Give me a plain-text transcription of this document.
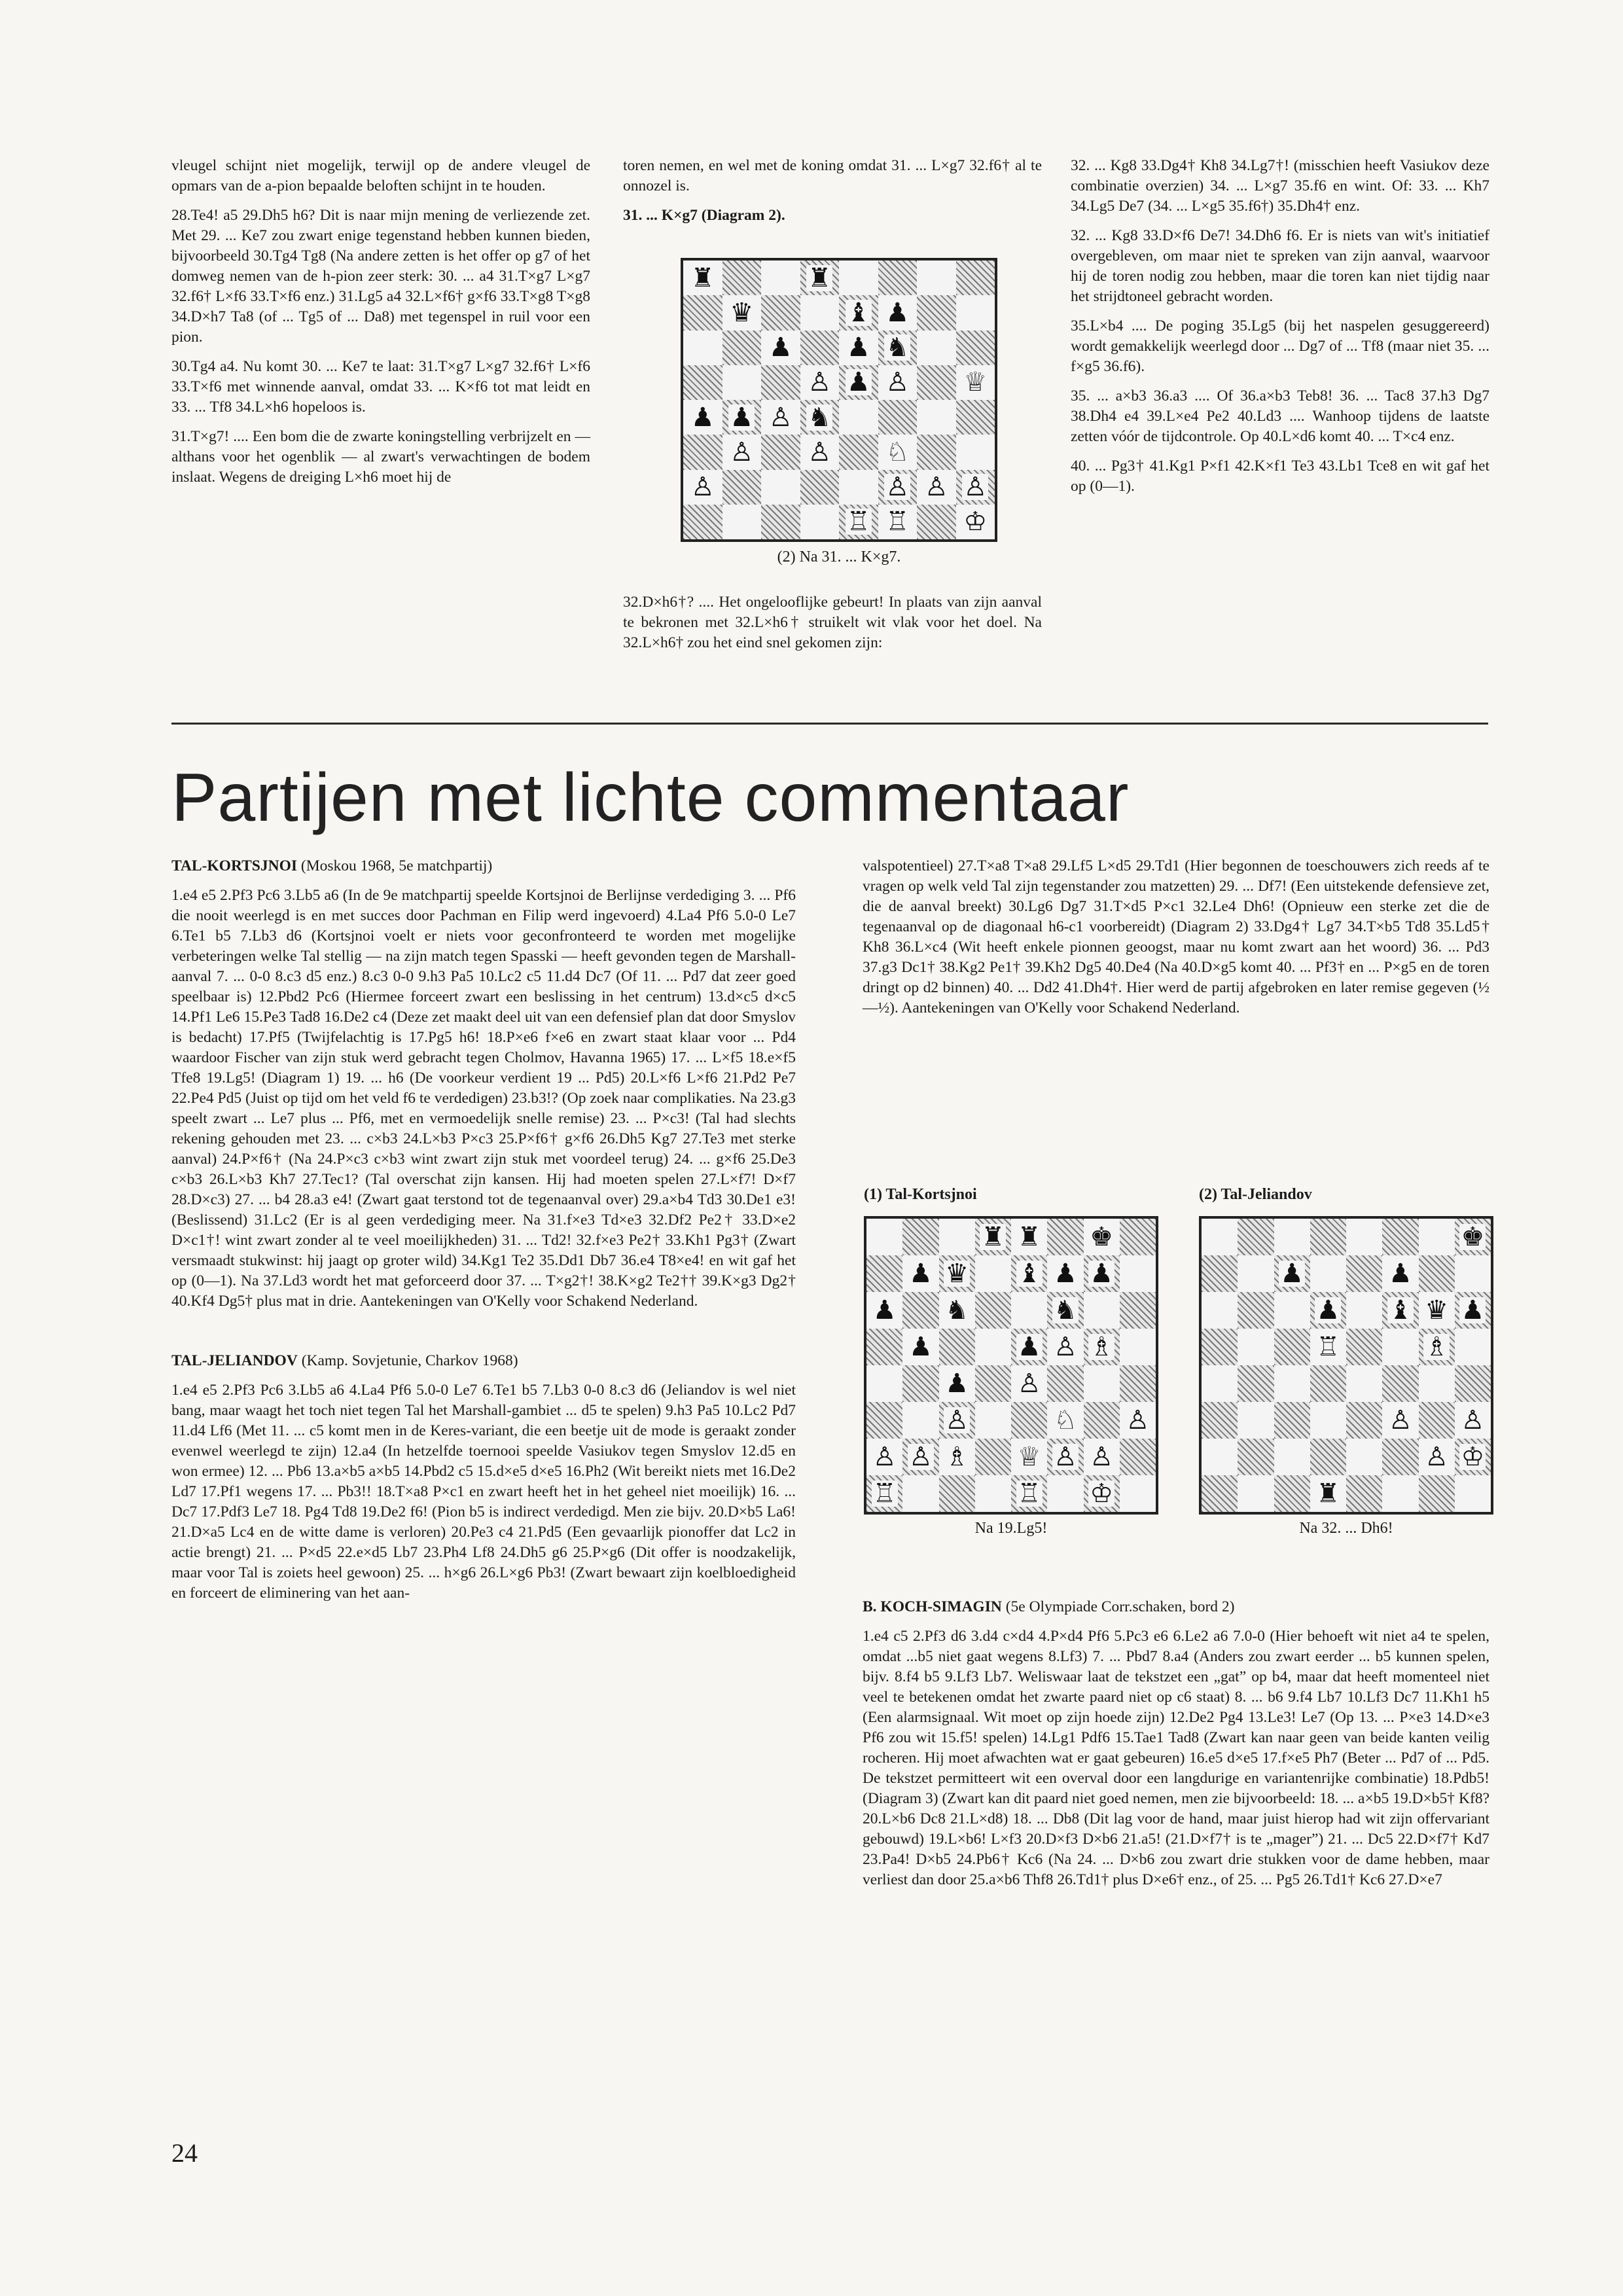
vleugel schijnt niet mogelijk, terwijl op de andere vleugel de opmars van de a-pion bepaalde beloften schijnt in te houden.

28.Te4! a5 29.Dh5 h6? Dit is naar mijn mening de verliezende zet. Met 29. ... Ke7 zou zwart enige tegenstand hebben kunnen bieden, bijvoorbeeld 30.Tg4 Tg8 (Na andere zetten is het offer op g7 of het domweg nemen van de h-pion zeer sterk: 30. ... a4 31.T×g7 L×g7 32.f6† L×f6 33.T×f6 enz.) 31.Lg5 a4 32.L×f6† g×f6 33.T×g8 T×g8 34.D×h7 Ta8 (of ... Tg5 of ... Da8) met tegenspel in ruil voor een pion.

30.Tg4 a4. Nu komt 30. ... Ke7 te laat: 31.T×g7 L×g7 32.f6† L×f6 33.T×f6 met winnende aanval, omdat 33. ... K×f6 tot mat leidt en 33. ... Tf8 34.L×h6 hopeloos is.

31.T×g7! .... Een bom die de zwarte koningstelling verbrijzelt en — althans voor het ogenblik — al zwart's verwachtingen de bodem inslaat. Wegens de dreiging L×h6 moet hij de

toren nemen, en wel met de koning omdat 31. ... L×g7 32.f6† al te onnozel is.

31. ... K×g7 (Diagram 2).

♜	♜
♛	♝ ♟
♟ ♟ ♞
♙ ♟ ♙ ♕
♟ ♟ ♙ ♞
♙ ♙ ♘
♙	♙ ♙ ♙
♖ ♖ ♔
(2) Na 31. ... K×g7.

32.D×h6†? .... Het ongelooflijke gebeurt! In plaats van zijn aanval te bekronen met 32.L×h6† struikelt wit vlak voor het doel. Na 32.L×h6† zou het eind snel gekomen zijn:

32. ... Kg8 33.Dg4† Kh8 34.Lg7†! (misschien heeft Vasiukov deze combinatie overzien) 34. ... L×g7 35.f6 en wint. Of: 33. ... Kh7 34.Lg5 De7 (34. ... L×g5 35.f6†) 35.Dh4† enz.

32. ... Kg8 33.D×f6 De7! 34.Dh6 f6. Er is niets van wit's initiatief overgebleven, om maar niet te spreken van zijn aanval, waarvoor hij de toren nodig zou hebben, maar die toren kan niet tijdig naar het strijdtoneel gebracht worden.

35.L×b4 .... De poging 35.Lg5 (bij het naspelen gesuggereerd) wordt gemakkelijk weerlegd door ... Dg7 of ... Tf8 (maar niet 35. ... f×g5 36.f6).

35. ... a×b3 36.a3 .... Of 36.a×b3 Teb8! 36. ... Tac8 37.h3 Dg7 38.Dh4 e4 39.L×e4 Pe2 40.Ld3 .... Wanhoop tijdens de laatste zetten vóór de tijdcontrole. Op 40.L×d6 komt 40. ... T×c4 enz.

40. ... Pg3† 41.Kg1 P×f1 42.K×f1 Te3 43.Lb1 Tce8 en wit gaf het op (0—1).

Partijen met lichte commentaar

TAL-KORTSJNOI (Moskou 1968, 5e matchpartij)

1.e4 e5 2.Pf3 Pc6 3.Lb5 a6 (In de 9e matchpartij speelde Kortsjnoi de Berlijnse verdediging 3. ... Pf6 die nooit weerlegd is en met succes door Pachman en Filip werd ingevoerd) 4.La4 Pf6 5.0-0 Le7 6.Te1 b5 7.Lb3 d6 (Kortsjnoi voelt er niets voor geconfronteerd te worden met mogelijke verbeteringen welke Tal stellig — na zijn match tegen Spasski — heeft gevonden tegen de Marshall-aanval 7. ... 0-0 8.c3 d5 enz.) 8.c3 0-0 9.h3 Pa5 10.Lc2 c5 11.d4 Dc7 (Of 11. ... Pd7 dat zeer goed speelbaar is) 12.Pbd2 Pc6 (Hiermee forceert zwart een beslissing in het centrum) 13.d×c5 d×c5 14.Pf1 Le6 15.Pe3 Tad8 16.De2 c4 (Deze zet maakt deel uit van een defensief plan dat door Smyslov is bedacht) 17.Pf5 (Twijfelachtig is 17.Pg5 h6! 18.P×e6 f×e6 en zwart staat klaar voor ... Pd4 waardoor Fischer van zijn stuk werd gebracht tegen Cholmov, Havanna 1965) 17. ... L×f5 18.e×f5 Tfe8 19.Lg5! (Diagram 1) 19. ... h6 (De voorkeur verdient 19 ... Pd5) 20.L×f6 L×f6 21.Pd2 Pe7 22.Pe4 Pd5 (Juist op tijd om het veld f6 te verdedigen) 23.b3!? (Op zoek naar complikaties. Na 23.g3 speelt zwart ... Le7 plus ... Pf6, met en vermoedelijk snelle remise) 23. ... P×c3! (Tal had slechts rekening gehouden met 23. ... c×b3 24.L×b3 P×c3 25.P×f6† g×f6 26.Dh5 Kg7 27.Te3 met sterke aanval) 24.P×f6† (Na 24.P×c3 c×b3 wint zwart zijn stuk met voordeel terug) 24. ... g×f6 25.De3 c×b3 26.L×b3 Kh7 27.Tec1? (Tal overschat zijn kansen. Hij had moeten spelen 27.L×f7! D×f7 28.D×c3) 27. ... b4 28.a3 e4! (Zwart gaat terstond tot de tegenaanval over) 29.a×b4 Td3 30.De1 e3! (Beslissend) 31.Lc2 (Er is al geen verdediging meer. Na 31.f×e3 Td×e3 32.Df2 Pe2† 33.D×e2 D×c1†! wint zwart zonder al te veel moeilijkheden) 31. ... Td2! 32.f×e3 Pe2† 33.Kh1 Pg3† (Zwart versmaadt stukwinst: hij jaagt op groter wild) 34.Kg1 Te2 35.Dd1 Db7 36.e4 T8×e4! en wit gaf het op (0—1). Na 37.Ld3 wordt het mat geforceerd door 37. ... T×g2†! 38.K×g2 Te2†† 39.K×g3 Dg2† 40.Kf4 Dg5† plus mat in drie. Aantekeningen van O'Kelly voor Schakend Nederland.

TAL-JELIANDOV (Kamp. Sovjetunie, Charkov 1968)

1.e4 e5 2.Pf3 Pc6 3.Lb5 a6 4.La4 Pf6 5.0-0 Le7 6.Te1 b5 7.Lb3 0-0 8.c3 d6 (Jeliandov is wel niet bang, maar waagt het toch niet tegen Tal het Marshall-gambiet ... d5 te spelen) 9.h3 Pa5 10.Lc2 Pd7 11.d4 Lf6 (Met 11. ... c5 komt men in de Keres-variant, die een beetje uit de mode is geraakt zonder evenwel weerlegd te zijn) 12.a4 (In hetzelfde toernooi speelde Vasiukov tegen Smyslov 12.d5 en won ermee) 12. ... Pb6 13.a×b5 a×b5 14.Pbd2 c5 15.d×e5 d×e5 16.Ph2 (Wit bereikt niets met 16.De2 Ld7 17.Pf1 wegens 17. ... Pb3!! 18.T×a8 P×c1 en zwart heeft het in het geheel niet moeilijk) 16. ... Dc7 17.Pdf3 Le7 18. Pg4 Td8 19.De2 f6! (Pion b5 is indirect verdedigd. Men zie bijv. 20.D×b5 La6! 21.D×a5 Lc4 en de witte dame is verloren) 20.Pe3 c4 21.Pd5 (Een gevaarlijk pionoffer dat Lc2 in actie brengt) 21. ... P×d5 22.e×d5 Lb7 23.Ph4 Lf8 24.Dh5 g6 25.P×g6 (Dit offer is noodzakelijk, maar voor Tal is zoiets heel gewoon) 25. ... h×g6 26.L×g6 Pb3! (Zwart bewaart zijn koelbloedigheid en forceert de eliminering van het aan-

valspotentieel) 27.T×a8 T×a8 29.Lf5 L×d5 29.Td1 (Hier begonnen de toeschouwers zich reeds af te vragen op welk veld Tal zijn tegenstander zou matzetten) 29. ... Df7! (Een uitstekende defensieve zet, die de aanval breekt) 30.Lg6 Dg7 31.T×d5 P×c1 32.Le4 Dh6! (Opnieuw een sterke zet die de tegenaanval op de diagonaal h6-c1 voorbereidt) (Diagram 2) 33.Dg4† Lg7 34.T×b5 Td8 35.Ld5† Kh8 36.L×c4 (Wit heeft enkele pionnen geoogst, maar nu komt zwart aan het woord) 36. ... Pd3 37.g3 Dc1† 38.Kg2 Pe1† 39.Kh2 Dg5 40.De4 (Na 40.D×g5 komt 40. ... Pf3† en ... P×g5 en de toren dringt op d2 binnen) 40. ... Dd2 41.Dh4†. Hier werd de partij afgebroken en later remise gegeven (½—½). Aantekeningen van O'Kelly voor Schakend Nederland.

(1) Tal-Kortsjnoi
♜ ♜ ♚
♟ ♛ ♝ ♟ ♟
♟ ♞	♞
♟	♟ ♙ ♗
♟ ♙
♙	♘ ♙
♙ ♙ ♗ ♕ ♙ ♙
♖	♖ ♔
Na 19.Lg5!
(2) Tal-Jeliandov
♚
♟	♟
♟ ♝ ♛ ♟
♖	♗
♙ ♙
♙ ♔
♜
Na 32. ... Dh6!

B. KOCH-SIMAGIN (5e Olympiade Corr.schaken, bord 2)

1.e4 c5 2.Pf3 d6 3.d4 c×d4 4.P×d4 Pf6 5.Pc3 e6 6.Le2 a6 7.0-0 (Hier behoeft wit niet a4 te spelen, omdat ...b5 niet gaat wegens 8.Lf3) 7. ... Pbd7 8.a4 (Anders zou zwart eerder ... b5 kunnen spelen, bijv. 8.f4 b5 9.Lf3 Lb7. Weliswaar laat de tekstzet een „gat” op b4, maar dat heeft momenteel niet veel te betekenen omdat het zwarte paard niet op c6 staat) 8. ... b6 9.f4 Lb7 10.Lf3 Dc7 11.Kh1 h5 (Een alarmsignaal. Wit moet op zijn hoede zijn) 12.De2 Pg4 13.Le3! Le7 (Op 13. ... P×e3 14.D×e3 Pf6 zou wit 15.f5! spelen) 14.Lg1 Pdf6 15.Tae1 Tad8 (Zwart kan naar geen van beide kanten veilig rocheren. Hij moet afwachten wat er gaat gebeuren) 16.e5 d×e5 17.f×e5 Ph7 (Beter ... Pd7 of ... Pd5. De tekstzet permitteert wit een overval door een langdurige en variantenrijke combinatie) 18.Pdb5! (Diagram 3) (Zwart kan dit paard niet goed nemen, men zie bijvoorbeeld: 18. ... a×b5 19.D×b5† Kf8? 20.L×b6 Dc8 21.L×d8) 18. ... Db8 (Dit lag voor de hand, maar juist hierop had wit zijn offervariant gebouwd) 19.L×b6! L×f3 20.D×f3 D×b6 21.a5! (21.D×f7† is te „mager”) 21. ... Dc5 22.D×f7† Kd7 23.Pa4! D×b5 24.Pb6† Kc6 (Na 24. ... D×b6 zou zwart drie stukken voor de dame hebben, maar verliest dan door 25.a×b6 Thf8 26.Td1† plus D×e6† enz., of 25. ... Pg5 26.Td1† Kc6 27.D×e7

24
